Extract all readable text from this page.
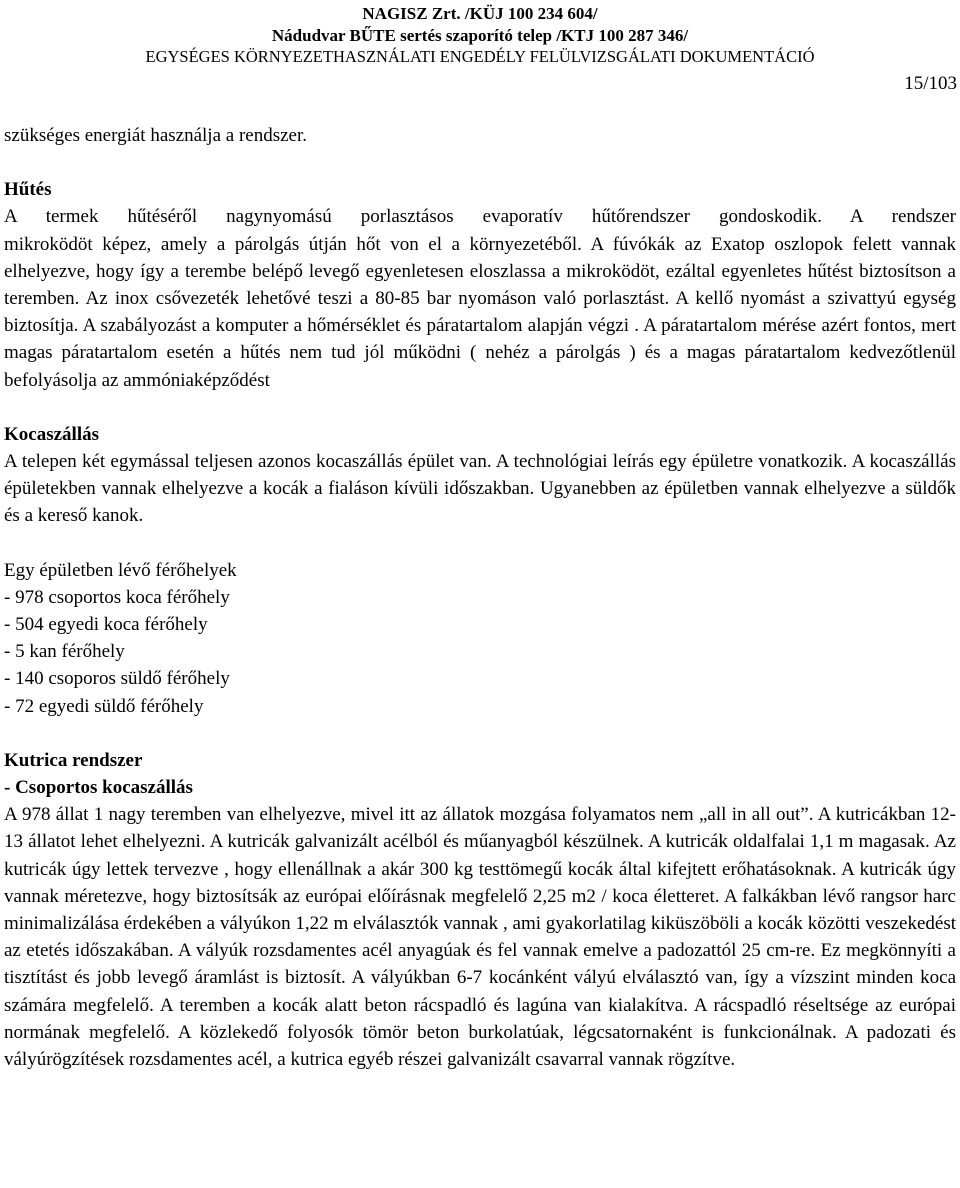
NAGISZ Zrt. /KÜJ 100 234 604/
Nádudvar BŰTE sertés szaporító telep /KTJ 100 287 346/
EGYSÉGES KÖRNYEZETHASZNÁLATI ENGEDÉLY FELÜLVIZSGÁLATI DOKUMENTÁCIÓ
15/103

szükséges energiát használja a rendszer.

Hűtés

A termek hűtéséről nagynyomású porlasztásos evaporatív hűtőrendszer gondoskodik. A rendszer

mikroködöt képez, amely a párolgás útján hőt von el a környezetéből. A fúvókák az Exatop oszlopok felett vannak elhelyezve, hogy így a terembe belépő levegő egyenletesen eloszlassa a mikroködöt, ezáltal egyenletes hűtést biztosítson a teremben. Az inox csővezeték lehetővé teszi a 80-85 bar nyomáson való porlasztást. A kellő nyomást a szivattyú egység biztosítja. A szabályozást a komputer a hőmérséklet és páratartalom alapján végzi . A páratartalom mérése azért fontos, mert magas páratartalom esetén a hűtés nem tud jól működni ( nehéz a párolgás ) és a magas páratartalom kedvezőtlenül befolyásolja az ammóniaképződést

Kocaszállás

A telepen két egymással teljesen azonos kocaszállás épület van. A technológiai leírás egy épületre vonatkozik. A kocaszállás épületekben vannak elhelyezve a kocák a fialáson kívüli időszakban. Ugyanebben az épületben vannak elhelyezve a süldők és a kereső kanok.

Egy épületben lévő férőhelyek

- 978 csoportos koca férőhely
- 504 egyedi koca férőhely
- 5 kan férőhely
- 140 csoporos süldő férőhely
- 72 egyedi süldő férőhely
Kutrica rendszer
- Csoportos kocaszállás

A 978 állat 1 nagy teremben van elhelyezve, mivel itt az állatok mozgása folyamatos nem „all in all out”. A kutricákban 12-13 állatot lehet elhelyezni. A kutricák galvanizált acélból és műanyagból készülnek. A kutricák oldalfalai 1,1 m magasak. Az kutricák úgy lettek tervezve , hogy ellenállnak a akár 300 kg testtömegű kocák által kifejtett erőhatásoknak. A kutricák úgy vannak méretezve, hogy biztosítsák az európai előírásnak megfelelő 2,25 m2 / koca életteret. A falkákban lévő rangsor harc minimalizálása érdekében a vályúkon 1,22 m elválasztók vannak , ami gyakorlatilag kiküszöböli a kocák közötti veszekedést az etetés időszakában. A vályúk rozsdamentes acél anyagúak és fel vannak emelve a padozattól 25 cm-re. Ez megkönnyíti a tisztítást és jobb levegő áramlást is biztosít. A vályúkban 6-7 kocánként vályú elválasztó van, így a vízszint minden koca számára megfelelő. A teremben a kocák alatt beton rácspadló és lagúna van kialakítva. A rácspadló réseltsége az európai normának megfelelő. A közlekedő folyosók tömör beton burkolatúak, légcsatornaként is funkcionálnak. A padozati és vályúrögzítések rozsdamentes acél, a kutrica egyéb részei galvanizált csavarral vannak rögzítve.
